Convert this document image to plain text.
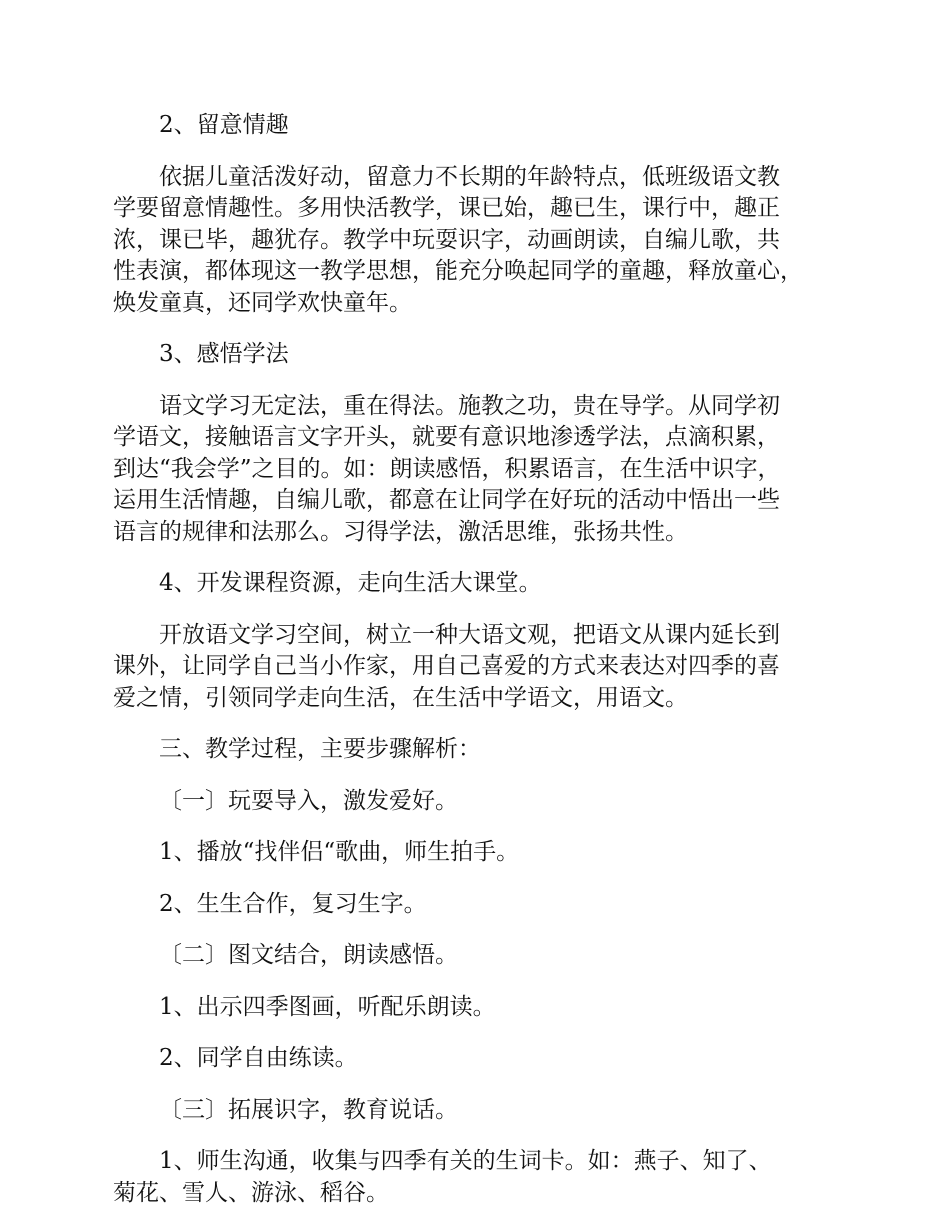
2、留意情趣

依据儿童活泼好动，留意力不长期的年龄特点，低班级语文教
学要留意情趣性。多用快活教学，课已始，趣已生，课行中，趣正
浓，课已毕，趣犹存。教学中玩耍识字，动画朗读，自编儿歌，共
性表演，都体现这一教学思想，能充分唤起同学的童趣，释放童心，
焕发童真，还同学欢快童年。

3、感悟学法

语文学习无定法，重在得法。施教之功，贵在导学。从同学初
学语文，接触语言文字开头，就要有意识地渗透学法，点滴积累，
到达“我会学”之目的。如：朗读感悟，积累语言，在生活中识字，
运用生活情趣，自编儿歌，都意在让同学在好玩的活动中悟出一些
语言的规律和法那么。习得学法，激活思维，张扬共性。

4、开发课程资源，走向生活大课堂。

开放语文学习空间，树立一种大语文观，把语文从课内延长到
课外，让同学自己当小作家，用自己喜爱的方式来表达对四季的喜
爱之情，引领同学走向生活，在生活中学语文，用语文。

三、教学过程，主要步骤解析：

〔一〕玩耍导入，激发爱好。

1、播放“找伴侣“歌曲，师生拍手。

2、生生合作，复习生字。

〔二〕图文结合，朗读感悟。

1、出示四季图画，听配乐朗读。

2、同学自由练读。

〔三〕拓展识字，教育说话。

1、师生沟通，收集与四季有关的生词卡。如：燕子、知了、
菊花、雪人、游泳、稻谷。
